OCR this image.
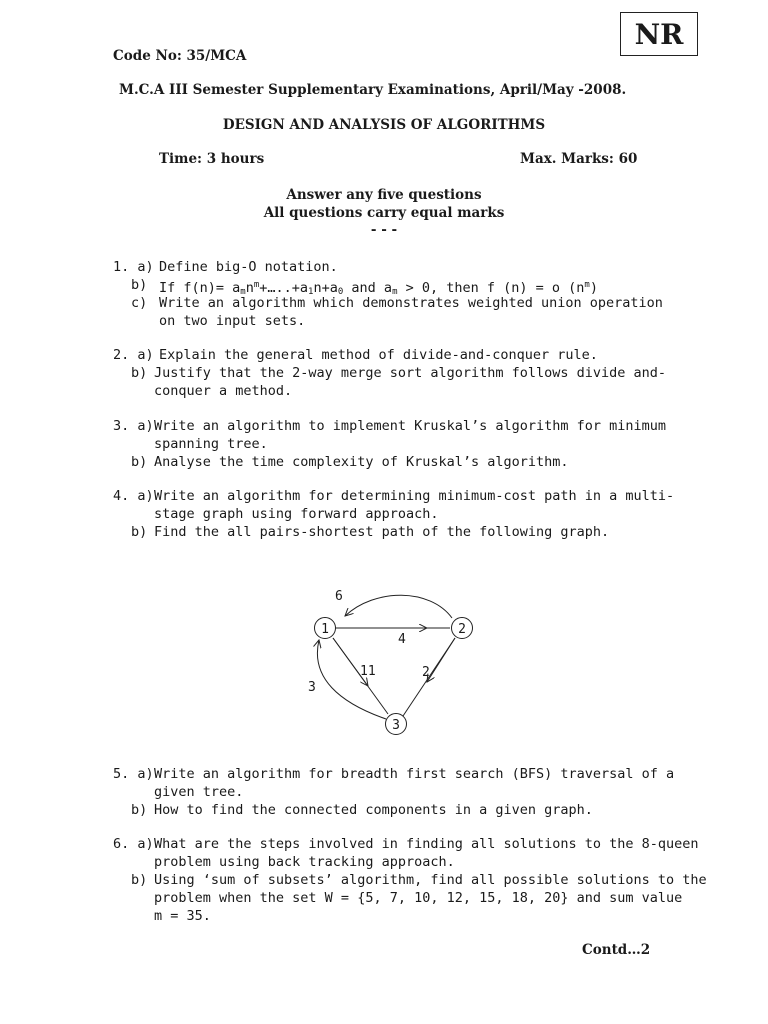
NR
Code No: 35/MCA
M.C.A III Semester Supplementary Examinations, April/May -2008.
DESIGN AND ANALYSIS OF ALGORITHMS
Time: 3 hours	Max. Marks: 60
Answer any five questions
All questions carry equal marks
- - -
1. a) Define big-O notation.
b) If $f(n)= a_mn^m+\dots..+a_1n+a_0$ and $a_m > 0$, then f (n) = o $(n^m)$
c) Write an algorithm which demonstrates weighted union operation
on two input sets.
2. a) Explain the general method of divide-and-conquer rule.
b) Justify that the 2-way merge sort algorithm follows divide and-
conquer a method.
3. a) Write an algorithm to implement Kruskal’s algorithm for minimum
spanning tree.
b) Analyse the time complexity of Kruskal’s algorithm.
4. a) Write an algorithm for determining minimum-cost path in a multi-
stage graph using forward approach.
b) Find the all pairs-shortest path of the following graph.
6
4
11	2
3
1	2
3
5. a) Write an algorithm for breadth first search (BFS) traversal of a
given tree.
b) How to find the connected components in a given graph.
6. a) What are the steps involved in finding all solutions to the 8-queen
problem using back tracking approach.
b) Using ‘sum of subsets’ algorithm, find all possible solutions to the
problem when the set W = {5, 7, 10, 12, 15, 18, 20} and sum value
m = 35.
Contd…2
